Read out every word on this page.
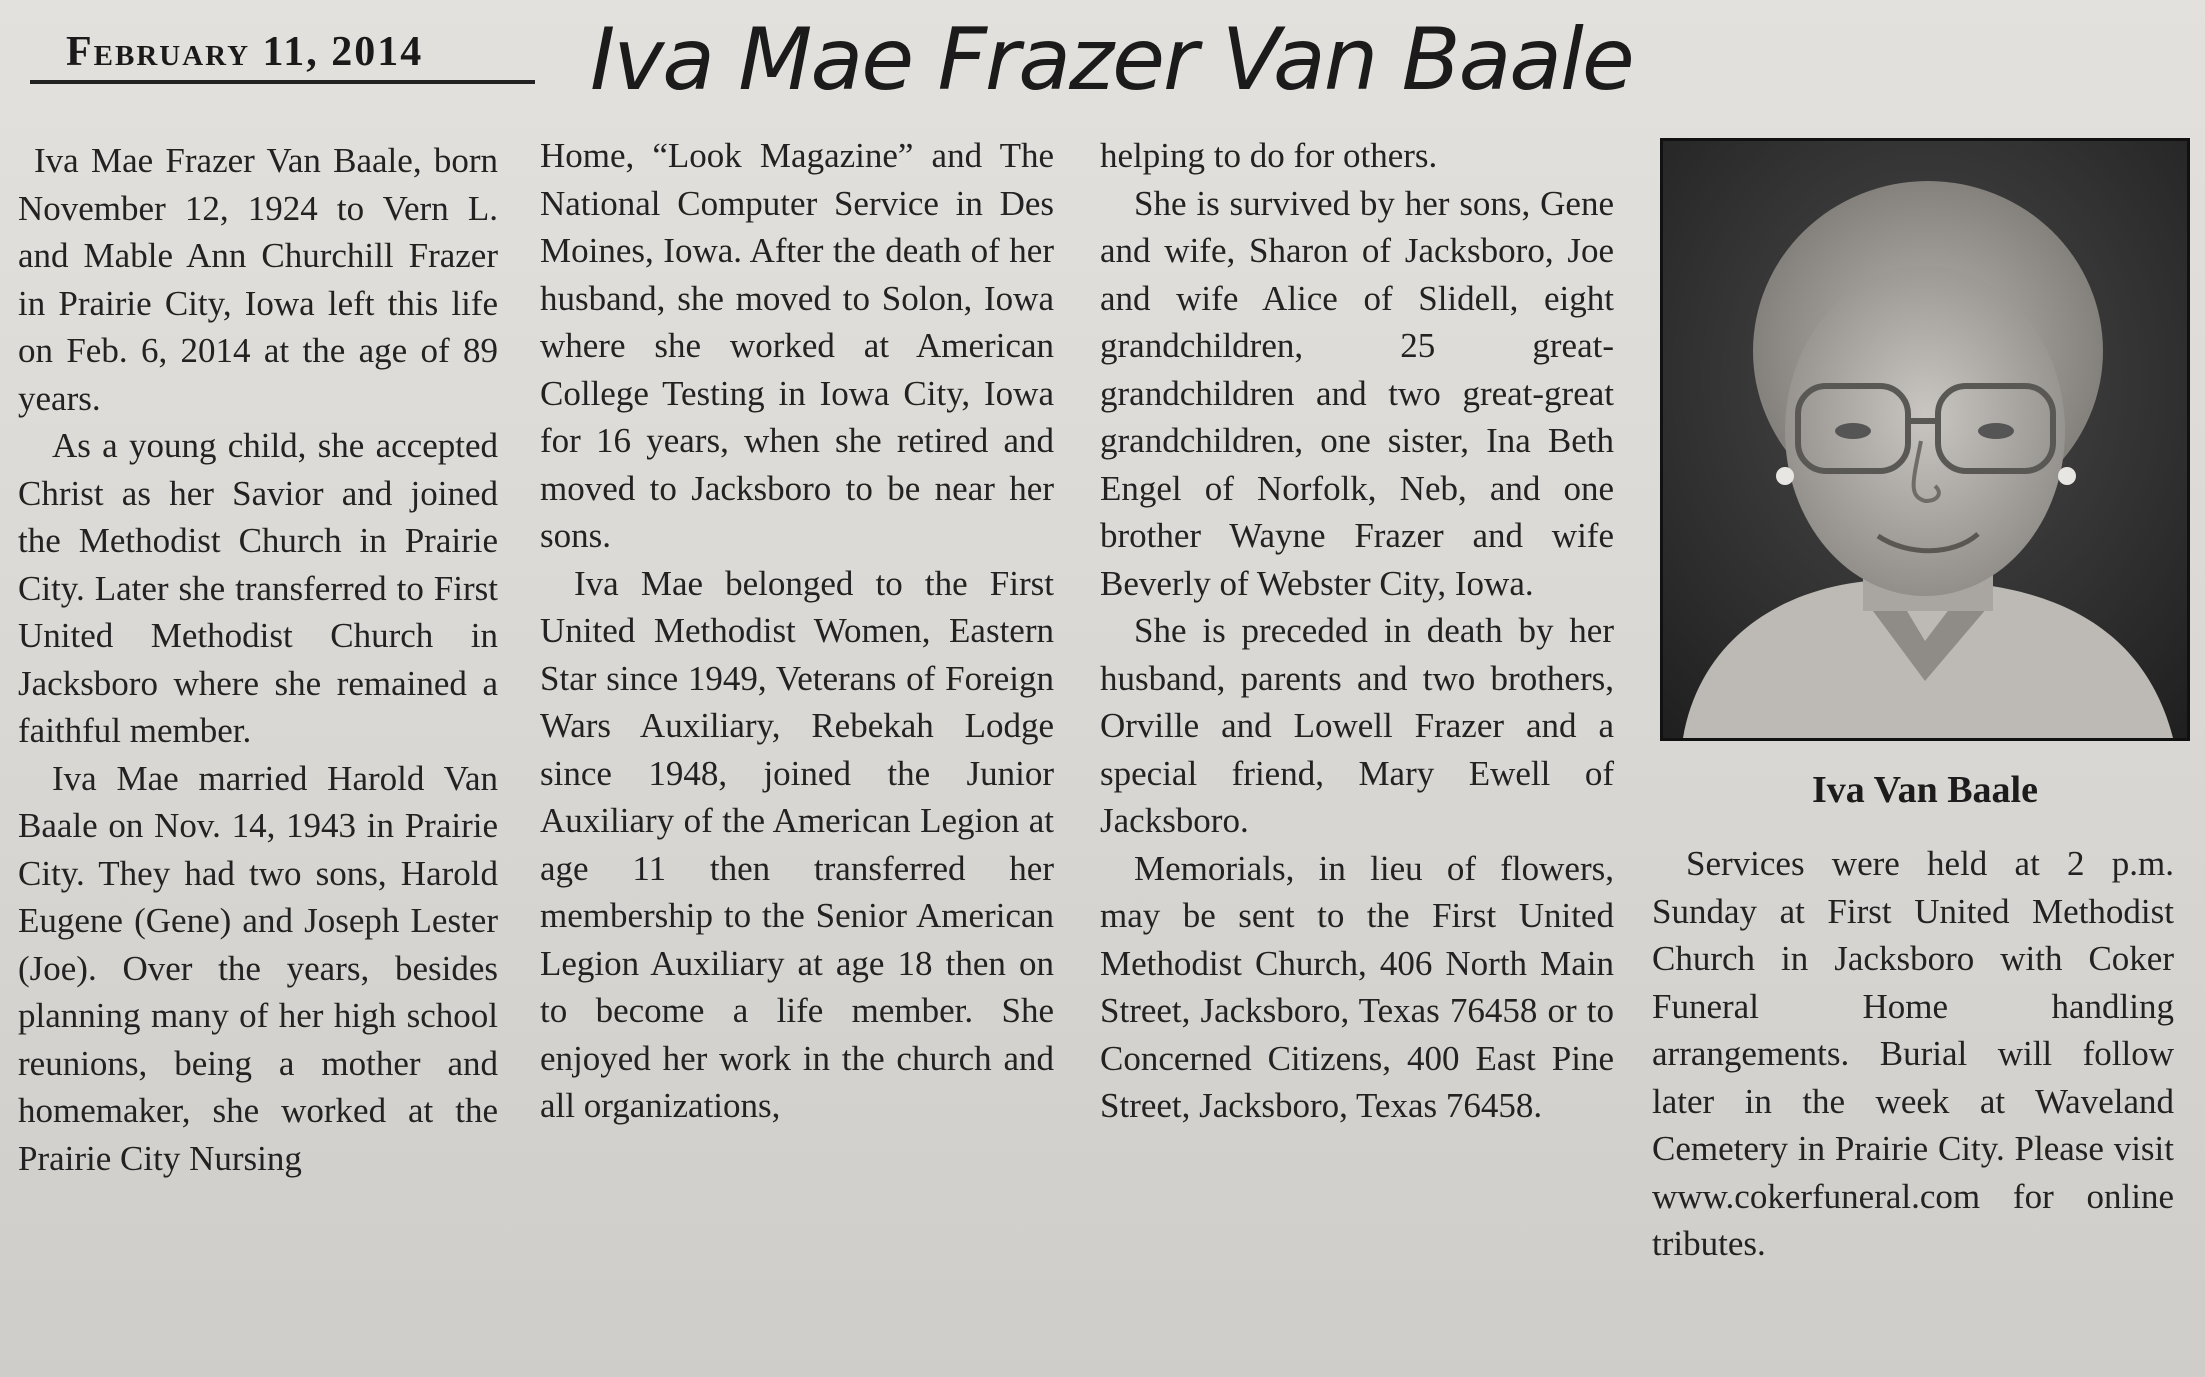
February 11, 2014	Iva Mae Frazer Van Baale

Iva Mae Frazer Van Baale, born November 12, 1924 to Vern L. and Mable Ann Churchill Frazer in Prairie City, Iowa left this life on Feb. 6, 2014 at the age of 89 years.

As a young child, she accepted Christ as her Savior and joined the Methodist Church in Prairie City. Later she transferred to First United Methodist Church in Jacksboro where she remained a faithful member.

Iva Mae married Harold Van Baale on Nov. 14, 1943 in Prairie City. They had two sons, Harold Eugene (Gene) and Joseph Lester (Joe). Over the years, besides planning many of her high school reunions, being a mother and homemaker, she worked at the Prairie City Nursing

Home, “Look Magazine” and The National Computer Service in Des Moines, Iowa. After the death of her husband, she moved to Solon, Iowa where she worked at American College Testing in Iowa City, Iowa for 16 years, when she retired and moved to Jacksboro to be near her sons.

Iva Mae belonged to the First United Methodist Women, Eastern Star since 1949, Veterans of Foreign Wars Auxiliary, Rebekah Lodge since 1948, joined the Junior Auxiliary of the American Legion at age 11 then transferred her membership to the Senior American Legion Auxiliary at age 18 then on to become a life member. She enjoyed her work in the church and all organizations,

helping to do for others.

She is survived by her sons, Gene and wife, Sharon of Jacksboro, Joe and wife Alice of Slidell, eight grandchildren, 25 great-grandchildren and two great-great grandchildren, one sister, Ina Beth Engel of Norfolk, Neb, and one brother Wayne Frazer and wife Beverly of Webster City, Iowa.

She is preceded in death by her husband, parents and two brothers, Orville and Lowell Frazer and a special friend, Mary Ewell of Jacksboro.

Memorials, in lieu of flowers, may be sent to the First United Methodist Church, 406 North Main Street, Jacksboro, Texas 76458 or to Concerned Citizens, 400 East Pine Street, Jacksboro, Texas 76458.

Iva Van Baale

Services were held at 2 p.m. Sunday at First United Methodist Church in Jacksboro with Coker Funeral Home handling arrangements. Burial will follow later in the week at Waveland Cemetery in Prairie City. Please visit www.cokerfuneral.com for online tributes.
